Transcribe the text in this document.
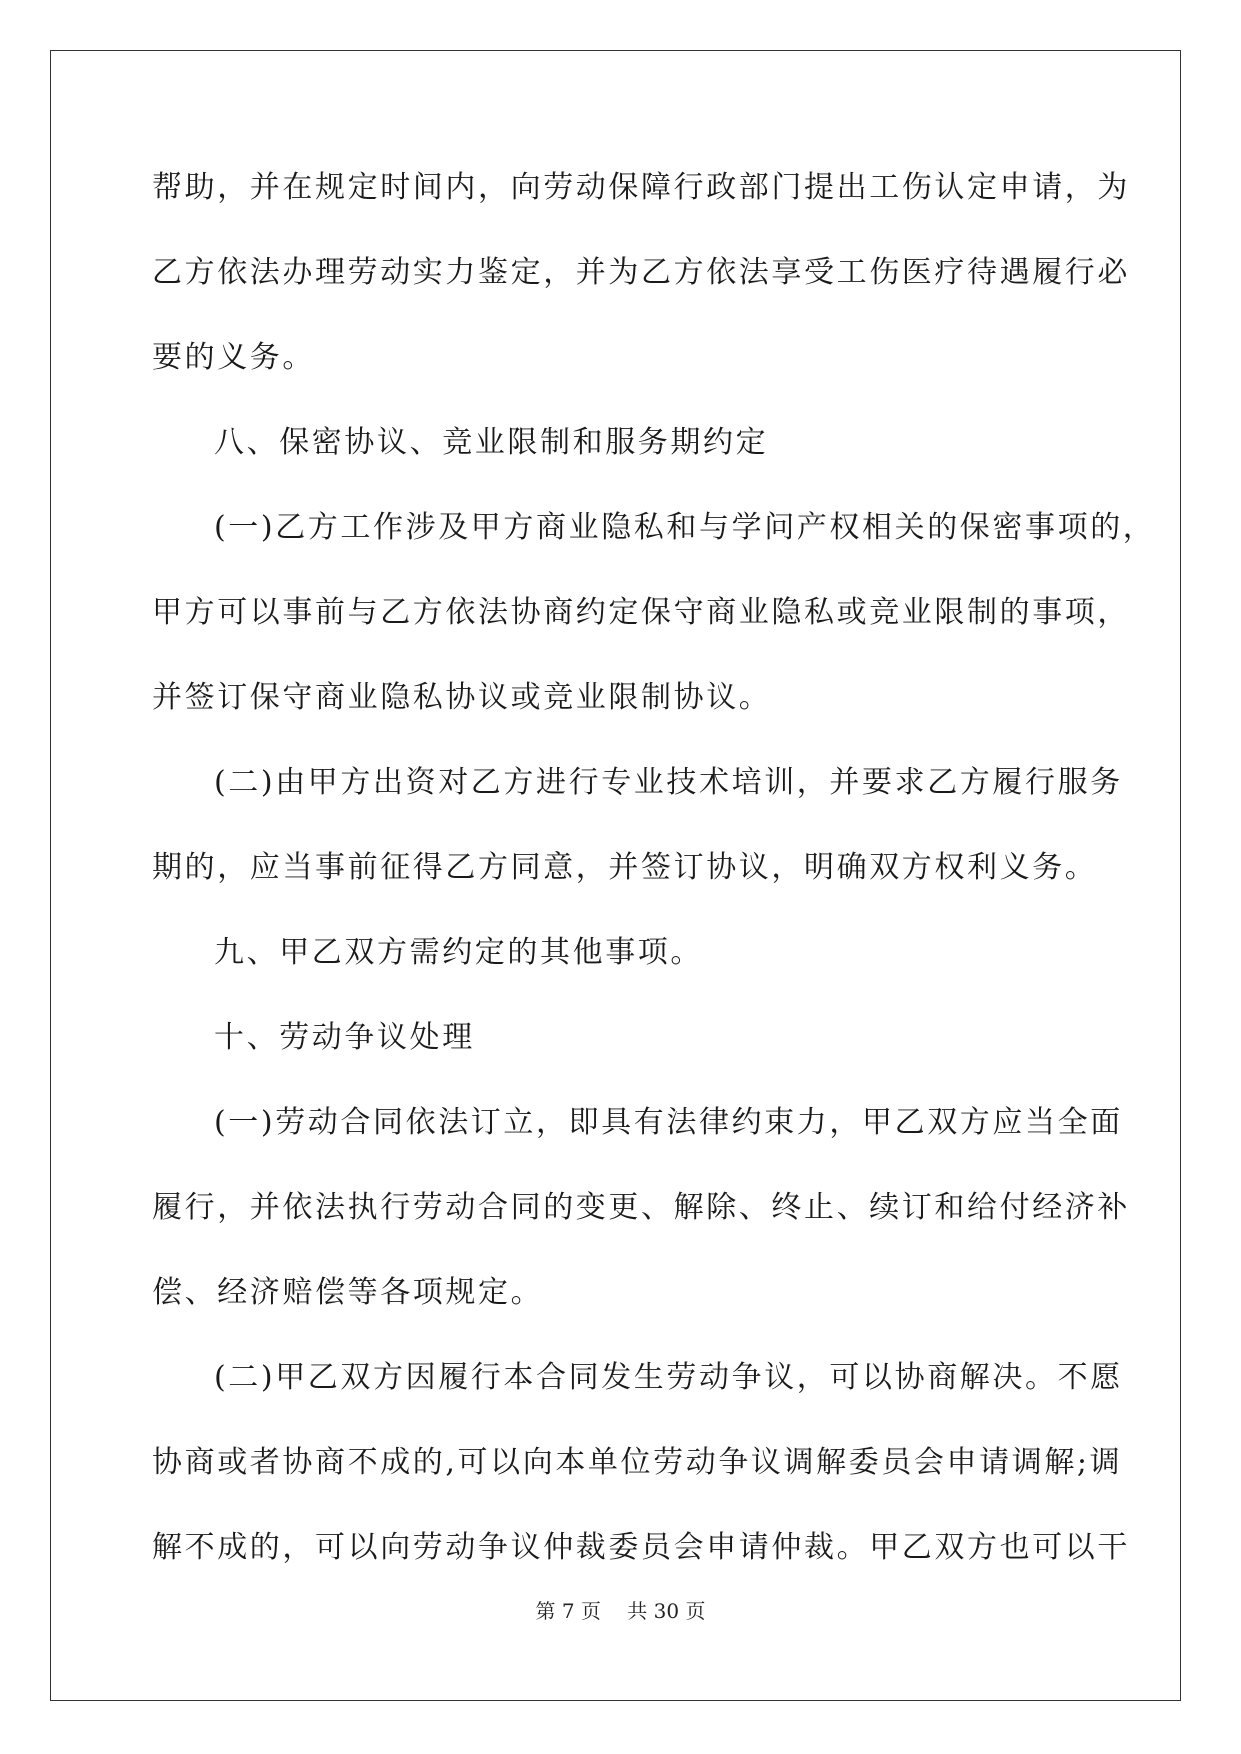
帮助，并在规定时间内，向劳动保障行政部门提出工伤认定申请，为
乙方依法办理劳动实力鉴定，并为乙方依法享受工伤医疗待遇履行必
要的义务。
八、保密协议、竞业限制和服务期约定
(一)乙方工作涉及甲方商业隐私和与学问产权相关的保密事项的，
甲方可以事前与乙方依法协商约定保守商业隐私或竞业限制的事项，
并签订保守商业隐私协议或竞业限制协议。
(二)由甲方出资对乙方进行专业技术培训，并要求乙方履行服务
期的，应当事前征得乙方同意，并签订协议，明确双方权利义务。
九、甲乙双方需约定的其他事项。
十、劳动争议处理
(一)劳动合同依法订立，即具有法律约束力，甲乙双方应当全面
履行，并依法执行劳动合同的变更、解除、终止、续订和给付经济补
偿、经济赔偿等各项规定。
(二)甲乙双方因履行本合同发生劳动争议，可以协商解决。不愿
协商或者协商不成的,可以向本单位劳动争议调解委员会申请调解;调
解不成的，可以向劳动争议仲裁委员会申请仲裁。甲乙双方也可以干
第 7 页　 共 30 页
